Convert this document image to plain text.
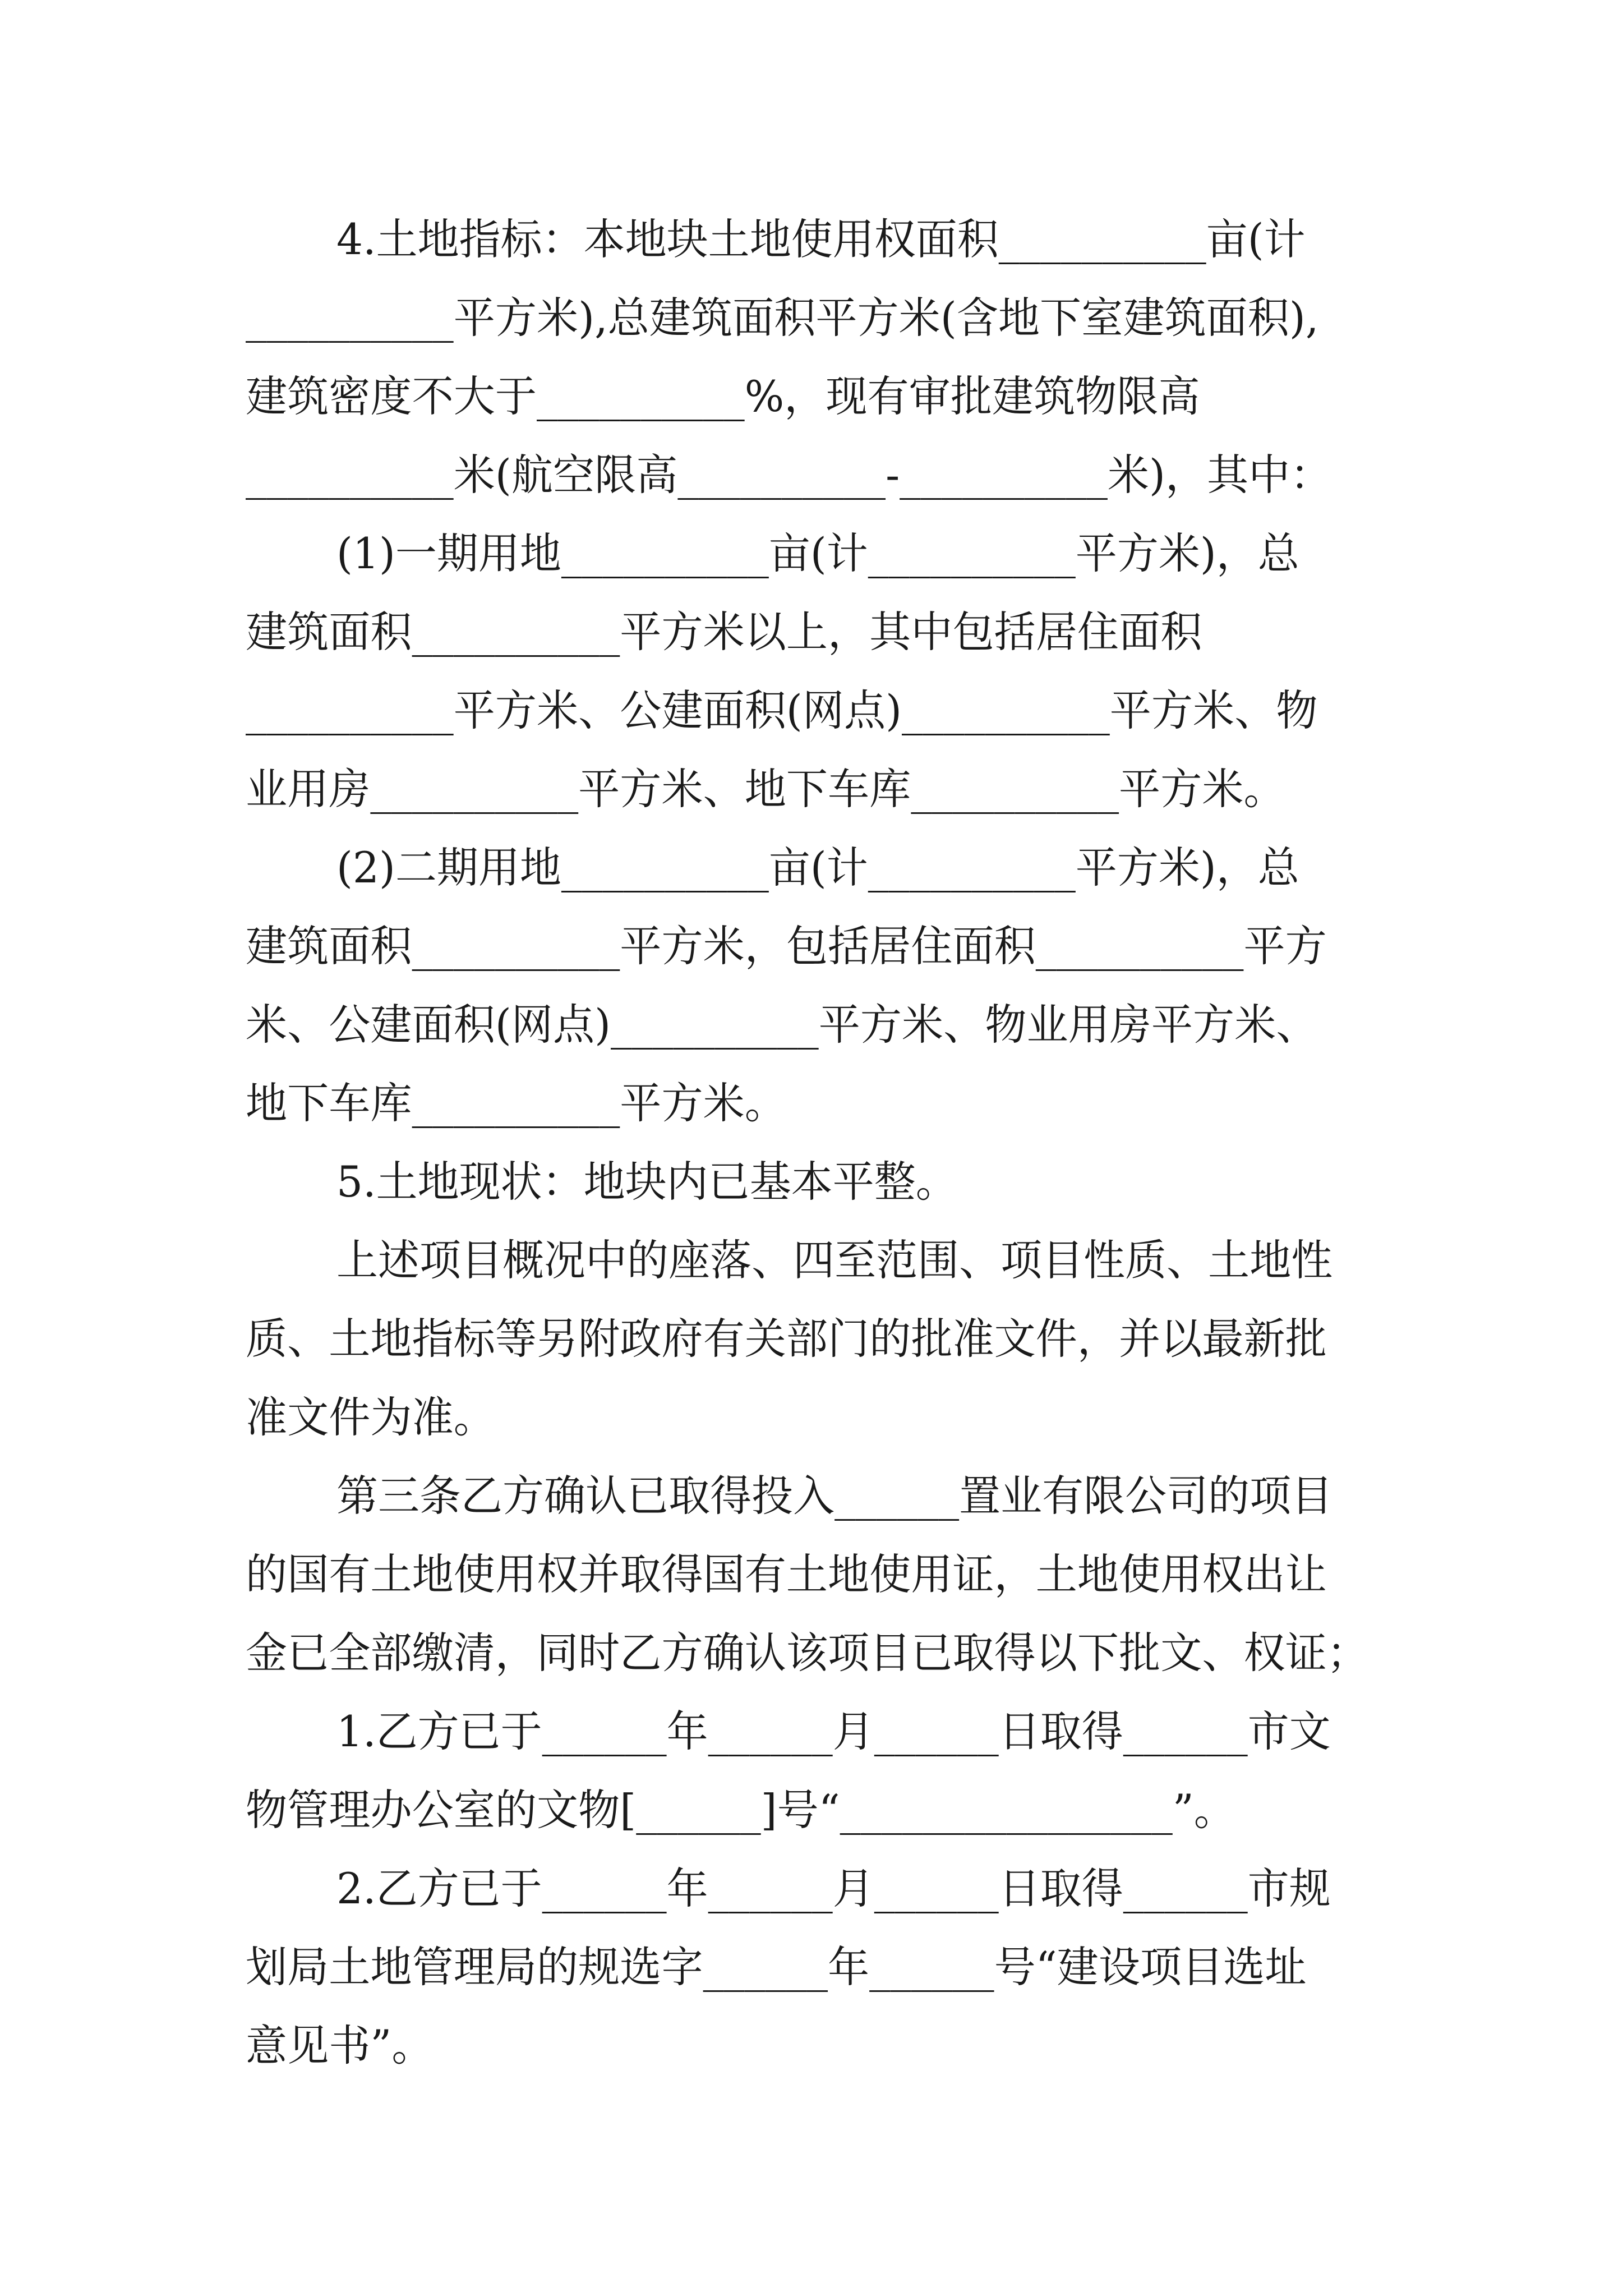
4.土地指标：本地块土地使用权面积__________亩(计
__________平方米),总建筑面积平方米(含地下室建筑面积),
建筑密度不大于__________%，现有审批建筑物限高
__________米(航空限高__________-__________米)，其中：
(1)一期用地__________亩(计__________平方米)，总
建筑面积__________平方米以上，其中包括居住面积
__________平方米、公建面积(网点)__________平方米、物
业用房__________平方米、地下车库__________平方米。
(2)二期用地__________亩(计__________平方米)，总
建筑面积__________平方米，包括居住面积__________平方
米、公建面积(网点)__________平方米、物业用房平方米、
地下车库__________平方米。
5.土地现状：地块内已基本平整。
上述项目概况中的座落、四至范围、项目性质、土地性
质、土地指标等另附政府有关部门的批准文件，并以最新批
准文件为准。
第三条乙方确认已取得投入______置业有限公司的项目
的国有土地使用权并取得国有土地使用证，土地使用权出让
金已全部缴清，同时乙方确认该项目已取得以下批文、权证；
1.乙方已于______年______月______日取得______市文
物管理办公室的文物[______]号“________________”。
2.乙方已于______年______月______日取得______市规
划局土地管理局的规选字______年______号“建设项目选址
意见书”。
